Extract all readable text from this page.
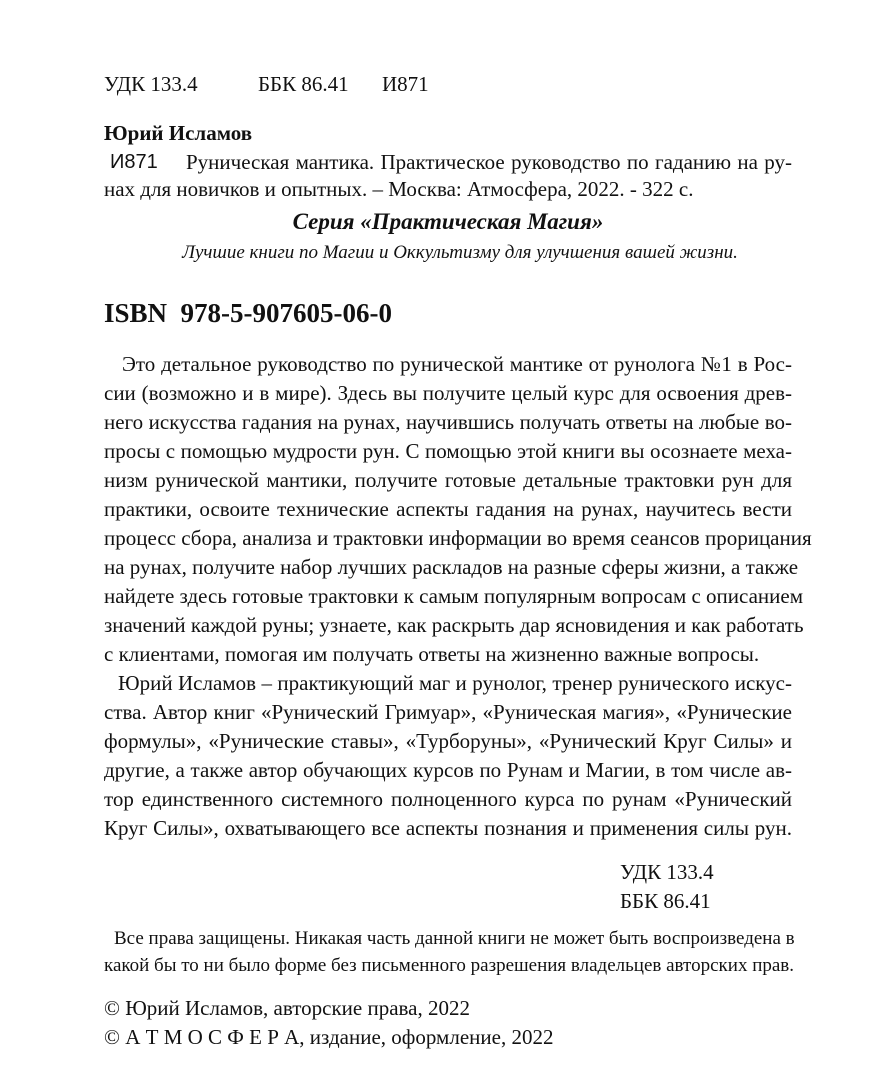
УДК 133.4	ББК 86.41 И871
Юрий Исламов
И871 Руническая мантика. Практическое руководство по гаданию на ру-
нах для новичков и опытных. – Москва: Атмосфера, 2022. - 322 с.
Серия «Практическая Магия»
Лучшие книги по Магии и Оккультизму для улучшения вашей жизни.
ISBN  978-5-907605-06-0
Это детальное руководство по рунической мантике от рунолога №1 в Рос-
сии (возможно и в мире). Здесь вы получите целый курс для освоения древ-
него искусства гадания на рунах, научившись получать ответы на любые во-
просы с помощью мудрости рун. С помощью этой книги вы осознаете меха-
низм рунической мантики, получите готовые детальные трактовки рун для
практики, освоите технические аспекты гадания на рунах, научитесь вести
процесс сбора, анализа и трактовки информации во время сеансов прорицания
на рунах, получите набор лучших раскладов на разные сферы жизни, а также
найдете здесь готовые трактовки к самым популярным вопросам с описанием
значений каждой руны; узнаете, как раскрыть дар ясновидения и как работать
с клиентами, помогая им получать ответы на жизненно важные вопросы.
Юрий Исламов – практикующий маг и рунолог, тренер рунического искус-
ства. Автор книг «Рунический Гримуар», «Руническая магия», «Рунические
формулы», «Рунические ставы», «Турборуны», «Рунический Круг Силы» и
другие, а также автор обучающих курсов по Рунам и Магии, в том числе ав-
тор единственного системного полноценного курса по рунам «Рунический
Круг Силы», охватывающего все аспекты познания и применения силы рун.
УДК 133.4
ББК 86.41
Все права защищены. Никакая часть данной книги не может быть воспроизведена в
какой бы то ни было форме без письменного разрешения владельцев авторских прав.
© Юрий Исламов, авторские права, 2022
© А Т М О С Ф Е Р А, издание, оформление, 2022
